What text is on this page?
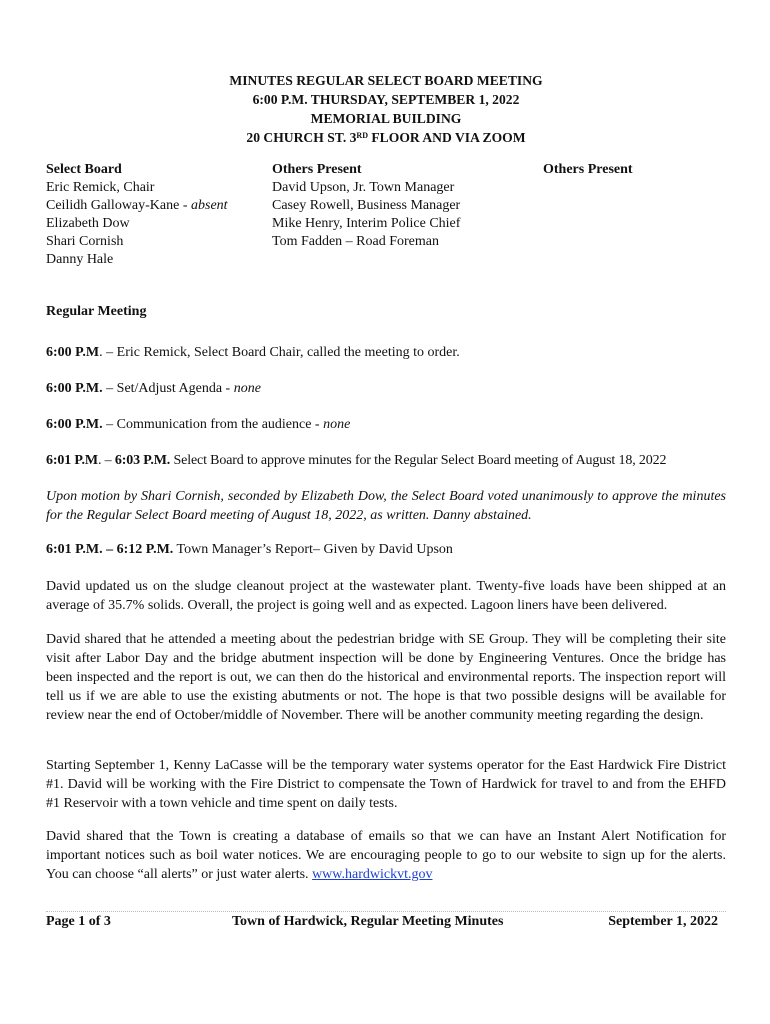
MINUTES REGULAR SELECT BOARD MEETING
6:00 P.M. THURSDAY, SEPTEMBER 1, 2022
MEMORIAL BUILDING
20 CHURCH ST. 3RD FLOOR AND VIA ZOOM
Select Board
Eric Remick, Chair
Ceilidh Galloway-Kane - absent
Elizabeth Dow
Shari Cornish
Danny Hale
Others Present
David Upson, Jr. Town Manager
Casey Rowell, Business Manager
Mike Henry, Interim Police Chief
Tom Fadden – Road Foreman
Others Present
Regular Meeting
6:00 P.M. – Eric Remick, Select Board Chair, called the meeting to order.
6:00 P.M. – Set/Adjust Agenda - none
6:00 P.M. – Communication from the audience - none
6:01 P.M. – 6:03 P.M. Select Board to approve minutes for the Regular Select Board meeting of August 18, 2022
Upon motion by Shari Cornish, seconded by Elizabeth Dow, the Select Board voted unanimously to approve the minutes for the Regular Select Board meeting of August 18, 2022, as written. Danny abstained.
6:01 P.M. – 6:12 P.M. Town Manager’s Report– Given by David Upson
David updated us on the sludge cleanout project at the wastewater plant. Twenty-five loads have been shipped at an average of 35.7% solids. Overall, the project is going well and as expected. Lagoon liners have been delivered.
David shared that he attended a meeting about the pedestrian bridge with SE Group. They will be completing their site visit after Labor Day and the bridge abutment inspection will be done by Engineering Ventures. Once the bridge has been inspected and the report is out, we can then do the historical and environmental reports. The inspection report will tell us if we are able to use the existing abutments or not. The hope is that two possible designs will be available for review near the end of October/middle of November. There will be another community meeting regarding the design.
Starting September 1, Kenny LaCasse will be the temporary water systems operator for the East Hardwick Fire District #1. David will be working with the Fire District to compensate the Town of Hardwick for travel to and from the EHFD #1 Reservoir with a town vehicle and time spent on daily tests.
David shared that the Town is creating a database of emails so that we can have an Instant Alert Notification for important notices such as boil water notices. We are encouraging people to go to our website to sign up for the alerts. You can choose “all alerts” or just water alerts. www.hardwickvt.gov
Page 1 of 3	Town of Hardwick, Regular Meeting Minutes	September 1, 2022
